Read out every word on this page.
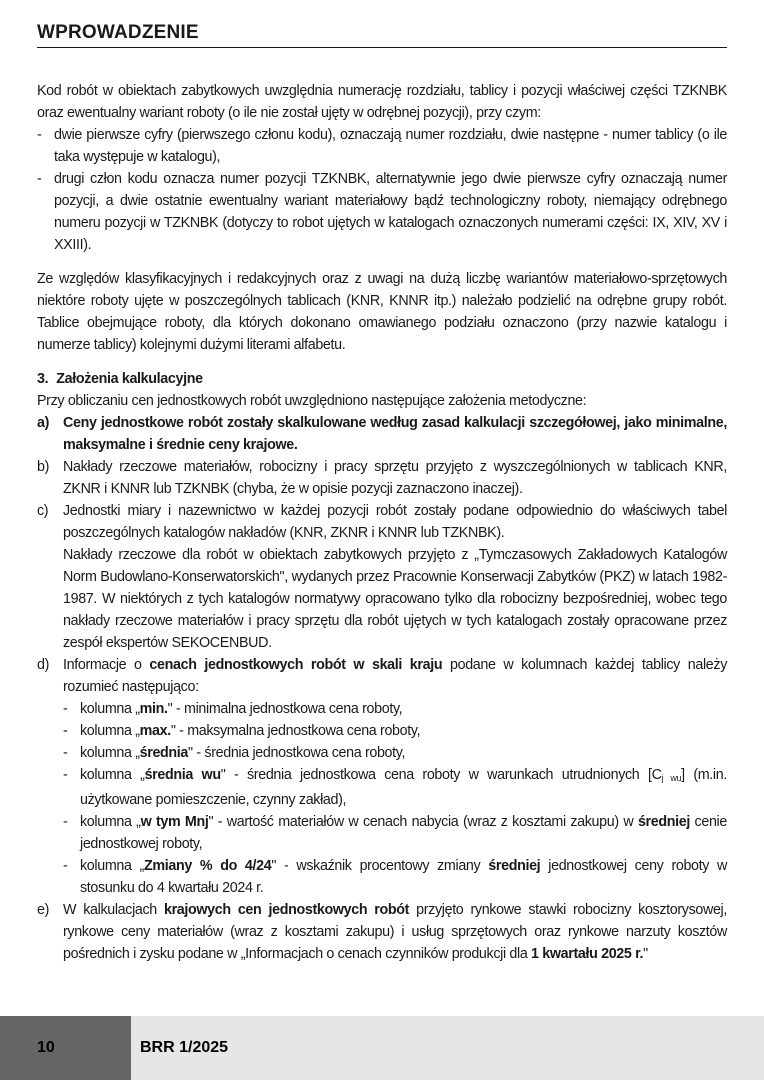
WPROWADZENIE

Kod robót w obiektach zabytkowych uwzględnia numerację rozdziału, tablicy i pozycji właściwej części TZKNBK oraz ewentualny wariant roboty (o ile nie został ujęty w odrębnej pozycji), przy czym:

- dwie pierwsze cyfry (pierwszego członu kodu), oznaczają numer rozdziału, dwie następne - numer tablicy (o ile taka występuje w katalogu),
- drugi człon kodu oznacza numer pozycji TZKNBK, alternatywnie jego dwie pierwsze cyfry oznaczają numer pozycji, a dwie ostatnie ewentualny wariant materiałowy bądź technologiczny roboty, niemający odrębnego numeru pozycji w TZKNBK (dotyczy to robot ujętych w katalogach oznaczonych numerami części: IX, XIV, XV i XXIII).

Ze względów klasyfikacyjnych i redakcyjnych oraz z uwagi na dużą liczbę wariantów materiałowo-sprzętowych niektóre roboty ujęte w poszczególnych tablicach (KNR, KNNR itp.) należało podzielić na odrębne grupy robót. Tablice obejmujące roboty, dla których dokonano omawianego podziału oznaczono (przy nazwie katalogu i numerze tablicy) kolejnymi dużymi literami alfabetu.

3. Założenia kalkulacyjne

Przy obliczaniu cen jednostkowych robót uwzględniono następujące założenia metodyczne:

a) Ceny jednostkowe robót zostały skalkulowane według zasad kalkulacji szczegółowej, jako minimalne, maksymalne i średnie ceny krajowe.
b) Nakłady rzeczowe materiałów, robocizny i pracy sprzętu przyjęto z wyszczególnionych w tablicach KNR, ZKNR i KNNR lub TZKNBK (chyba, że w opisie pozycji zaznaczono inaczej).
c) Jednostki miary i nazewnictwo w każdej pozycji robót zostały podane odpowiednio do właściwych tabel poszczególnych katalogów nakładów (KNR, ZKNR i KNNR lub TZKNBK).
Nakłady rzeczowe dla robót w obiektach zabytkowych przyjęto z „Tymczasowych Zakładowych Katalogów Norm Budowlano-Konserwatorskich", wydanych przez Pracownie Konserwacji Zabytków (PKZ) w latach 1982-1987. W niektórych z tych katalogów normatywy opracowano tylko dla robocizny bezpośredniej, wobec tego nakłady rzeczowe materiałów i pracy sprzętu dla robót ujętych w tych katalogach zostały opracowane przez zespół ekspertów SEKOCENBUD.
d) Informacje o cenach jednostkowych robót w skali kraju podane w kolumnach każdej tablicy należy rozumieć następująco:
- kolumna „min." - minimalna jednostkowa cena roboty,
- kolumna „max." - maksymalna jednostkowa cena roboty,
- kolumna „średnia" - średnia jednostkowa cena roboty,
- kolumna „średnia wu" - średnia jednostkowa cena roboty w warunkach utrudnionych $[C_{j wu}]$ (m.in. użytkowane pomieszczenie, czynny zakład),
- kolumna „w tym Mnj" - wartość materiałów w cenach nabycia (wraz z kosztami zakupu) w średniej cenie jednostkowej roboty,
- kolumna „Zmiany % do 4/24" - wskaźnik procentowy zmiany średniej jednostkowej ceny roboty w stosunku do 4 kwartału 2024 r.
e) W kalkulacjach krajowych cen jednostkowych robót przyjęto rynkowe stawki robocizny kosztorysowej, rynkowe ceny materiałów (wraz z kosztami zakupu) i usług sprzętowych oraz rynkowe narzuty kosztów pośrednich i zysku podane w „Informacjach o cenach czynników produkcji dla 1 kwartału 2025 r."
10	BRR 1/2025
